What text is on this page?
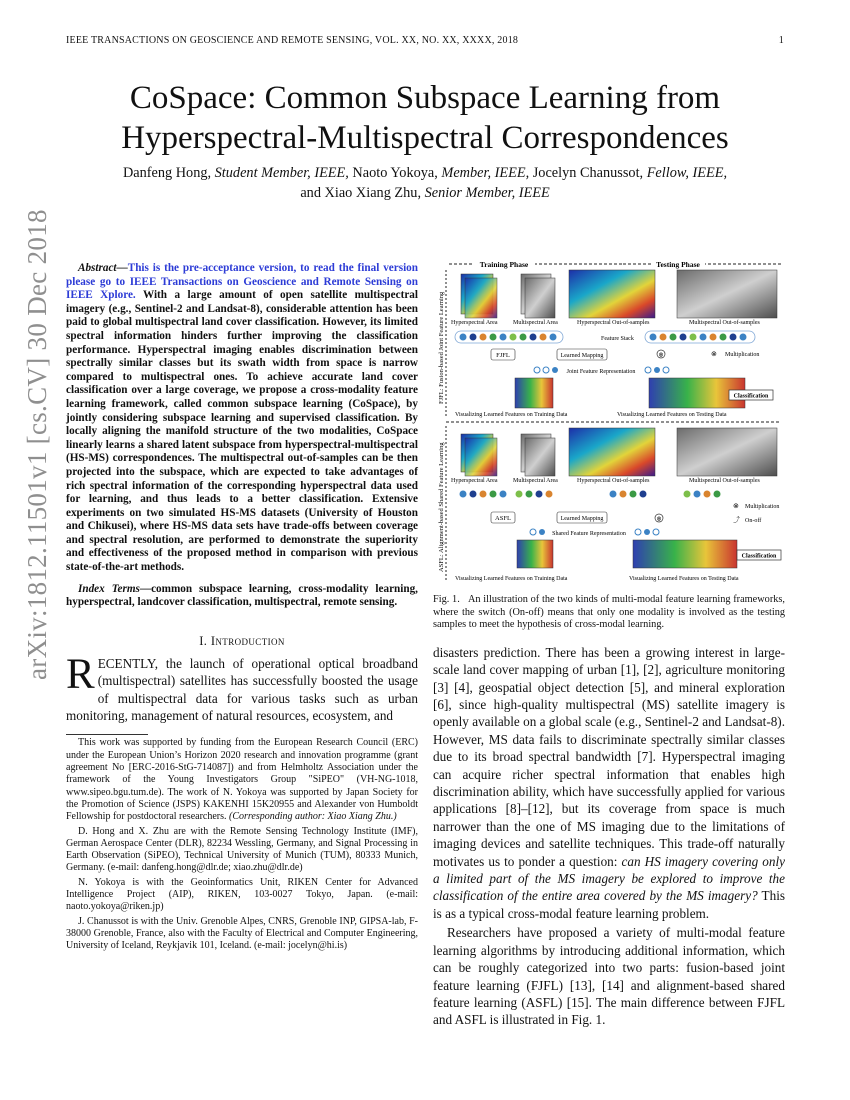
IEEE TRANSACTIONS ON GEOSCIENCE AND REMOTE SENSING, VOL. XX, NO. XX, XXXX, 2018	1
arXiv:1812.11501v1 [cs.CV] 30 Dec 2018
CoSpace: Common Subspace Learning from
Hyperspectral-Multispectral Correspondences
Danfeng Hong, Student Member, IEEE, Naoto Yokoya, Member, IEEE, Jocelyn Chanussot, Fellow, IEEE,
and Xiao Xiang Zhu, Senior Member, IEEE

Abstract—This is the pre-acceptance version, to read the final version please go to IEEE Transactions on Geoscience and Remote Sensing on IEEE Xplore. With a large amount of open satellite multispectral imagery (e.g., Sentinel-2 and Landsat-8), considerable attention has been paid to global multispectral land cover classification. However, its limited spectral information hinders further improving the classification performance. Hyperspectral imaging enables discrimination between spectrally similar classes but its swath width from space is narrow compared to multispectral ones. To achieve accurate land cover classification over a large coverage, we propose a cross-modality feature learning framework, called common subspace learning (CoSpace), by jointly considering subspace learning and supervised classification. By locally aligning the manifold structure of the two modalities, CoSpace linearly learns a shared latent subspace from hyperspectral-multispectral (HS-MS) correspondences. The multispectral out-of-samples can be then projected into the subspace, which are expected to take advantages of rich spectral information of the corresponding hyperspectral data used for learning, and thus leads to a better classification. Extensive experiments on two simulated HS-MS datasets (University of Houston and Chikusei), where HS-MS data sets have trade-offs between coverage and spectral resolution, are performed to demonstrate the superiority and effectiveness of the proposed method in comparison with previous state-of-the-art methods.

Index Terms—common subspace learning, cross-modality learning, hyperspectral, landcover classification, multispectral, remote sensing.

I. Introduction

RECENTLY, the launch of operational optical broadband (multispectral) satellites has successfully boosted the usage of multispectral data for various tasks such as urban monitoring, management of natural resources, ecosystem, and

This work was supported by funding from the European Research Council (ERC) under the European Union’s Horizon 2020 research and innovation programme (grant agreement No [ERC-2016-StG-714087]) and from Helmholtz Association under the framework of the Young Investigators Group "SiPEO" (VH-NG-1018, www.sipeo.bgu.tum.de). The work of N. Yokoya was supported by Japan Society for the Promotion of Science (JSPS) KAKENHI 15K20955 and Alexander von Humboldt Fellowship for postdoctoral researchers. (Corresponding author: Xiao Xiang Zhu.)

D. Hong and X. Zhu are with the Remote Sensing Technology Institute (IMF), German Aerospace Center (DLR), 82234 Wessling, Germany, and Signal Processing in Earth Observation (SiPEO), Technical University of Munich (TUM), 80333 Munich, Germany. (e-mail: danfeng.hong@dlr.de; xiao.zhu@dlr.de)

N. Yokoya is with the Geoinformatics Unit, RIKEN Center for Advanced Intelligence Project (AIP), RIKEN, 103-0027 Tokyo, Japan. (e-mail: naoto.yokoya@riken.jp)

J. Chanussot is with the Univ. Grenoble Alpes, CNRS, Grenoble INP, GIPSA-lab, F-38000 Grenoble, France, also with the Faculty of Electrical and Computer Engineering, University of Iceland, Reykjavik 101, Iceland. (e-mail: jocelyn@hi.is)

Training Phase	Testing Phase
FJFL: Fusion-based Joint Feature Learning Hyperspectral Area	Multispectral Area	Hyperspectral Out-of-samples	Multispectral Out-of-samples
Feature Stack
FJFL	Learned Mapping	⊗	Multiplication
⊗
Joint Feature Representation
Classification
Visualizing Learned Features on Training Data	Visualizing Learned Features on Testing Data
ASFL: Alignment-based Shared Feature Learning Hyperspectral Area	Multispectral Area	Hyperspectral Out-of-samples	Multispectral Out-of-samples
⊗ Multiplication
⤴ On-off
ASFL	Learned Mapping	⊗
Shared Feature Representation
Classification
Visualizing Learned Features on Training Data	Visualizing Learned Features on Testing Data

Fig. 1. An illustration of the two kinds of multi-modal feature learning frameworks, where the switch (On-off) means that only one modality is involved as the testing samples to meet the hypothesis of cross-modal learning.

disasters prediction. There has been a growing interest in large-scale land cover mapping of urban [1], [2], agriculture monitoring [3] [4], geospatial object detection [5], and mineral exploration [6], since high-quality multispectral (MS) satellite imagery is openly available on a global scale (e.g., Sentinel-2 and Landsat-8). However, MS data fails to discriminate spectrally similar classes due to its broad spectral bandwidth [7]. Hyperspectral imaging can acquire richer spectral information that enables high discrimination ability, which have successfully applied for various applications [8]–[12], but its coverage from space is much narrower than the one of MS imaging due to the limitations of imaging devices and satellite techniques. This trade-off naturally motivates us to ponder a question: can HS imagery covering only a limited part of the MS imagery be explored to improve the classification of the entire area covered by the MS imagery? This is as a typical cross-modal feature learning problem.

Researchers have proposed a variety of multi-modal feature learning algorithms by introducing additional information, which can be roughly categorized into two parts: fusion-based joint feature learning (FJFL) [13], [14] and alignment-based shared feature learning (ASFL) [15]. The main difference between FJFL and ASFL is illustrated in Fig. 1.
